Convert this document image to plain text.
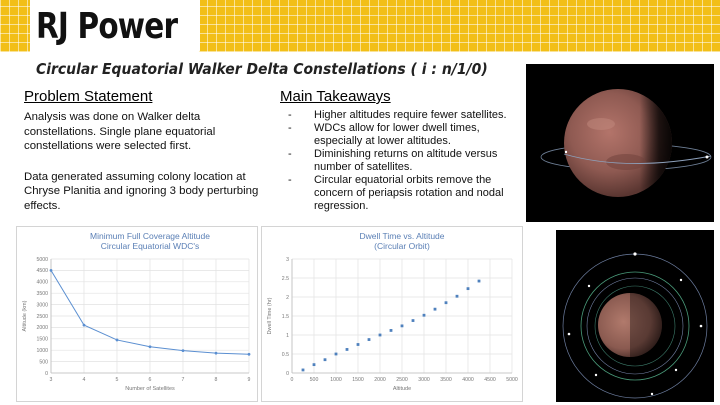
RJ Power
Circular Equatorial Walker Delta Constellations ( i : n/1/0)
Problem Statement

Analysis was done on Walker delta constellations. Single plane equatorial constellations were selected first.

Data generated assuming colony location at Chryse Planitia and ignoring 3 body perturbing effects.

Main Takeaways
- Higher altitudes require fewer satellites.
- WDCs allow for lower dwell times, especially at lower altitudes.
- Diminishing returns on altitude versus number of satellites.
- Circular equatorial orbits remove the concern of periapsis rotation and nodal regression.
Minimum Full Coverage Altitude
Circular Equatorial WDC's
0
500
1000
1500
2000
2500
3000
3500
4000
4500
5000
3	4	5	6	7	8	9
Number of Satellites
Altitude (km)
Dwell Time vs. Altitude
(Circular Orbit)
0
0.5
1
1.5
2
2.5
3
0	500 1000 1500 2000 2500 3000 3500 4000 4500 5000
Altitude
Dwell Time (hr)
